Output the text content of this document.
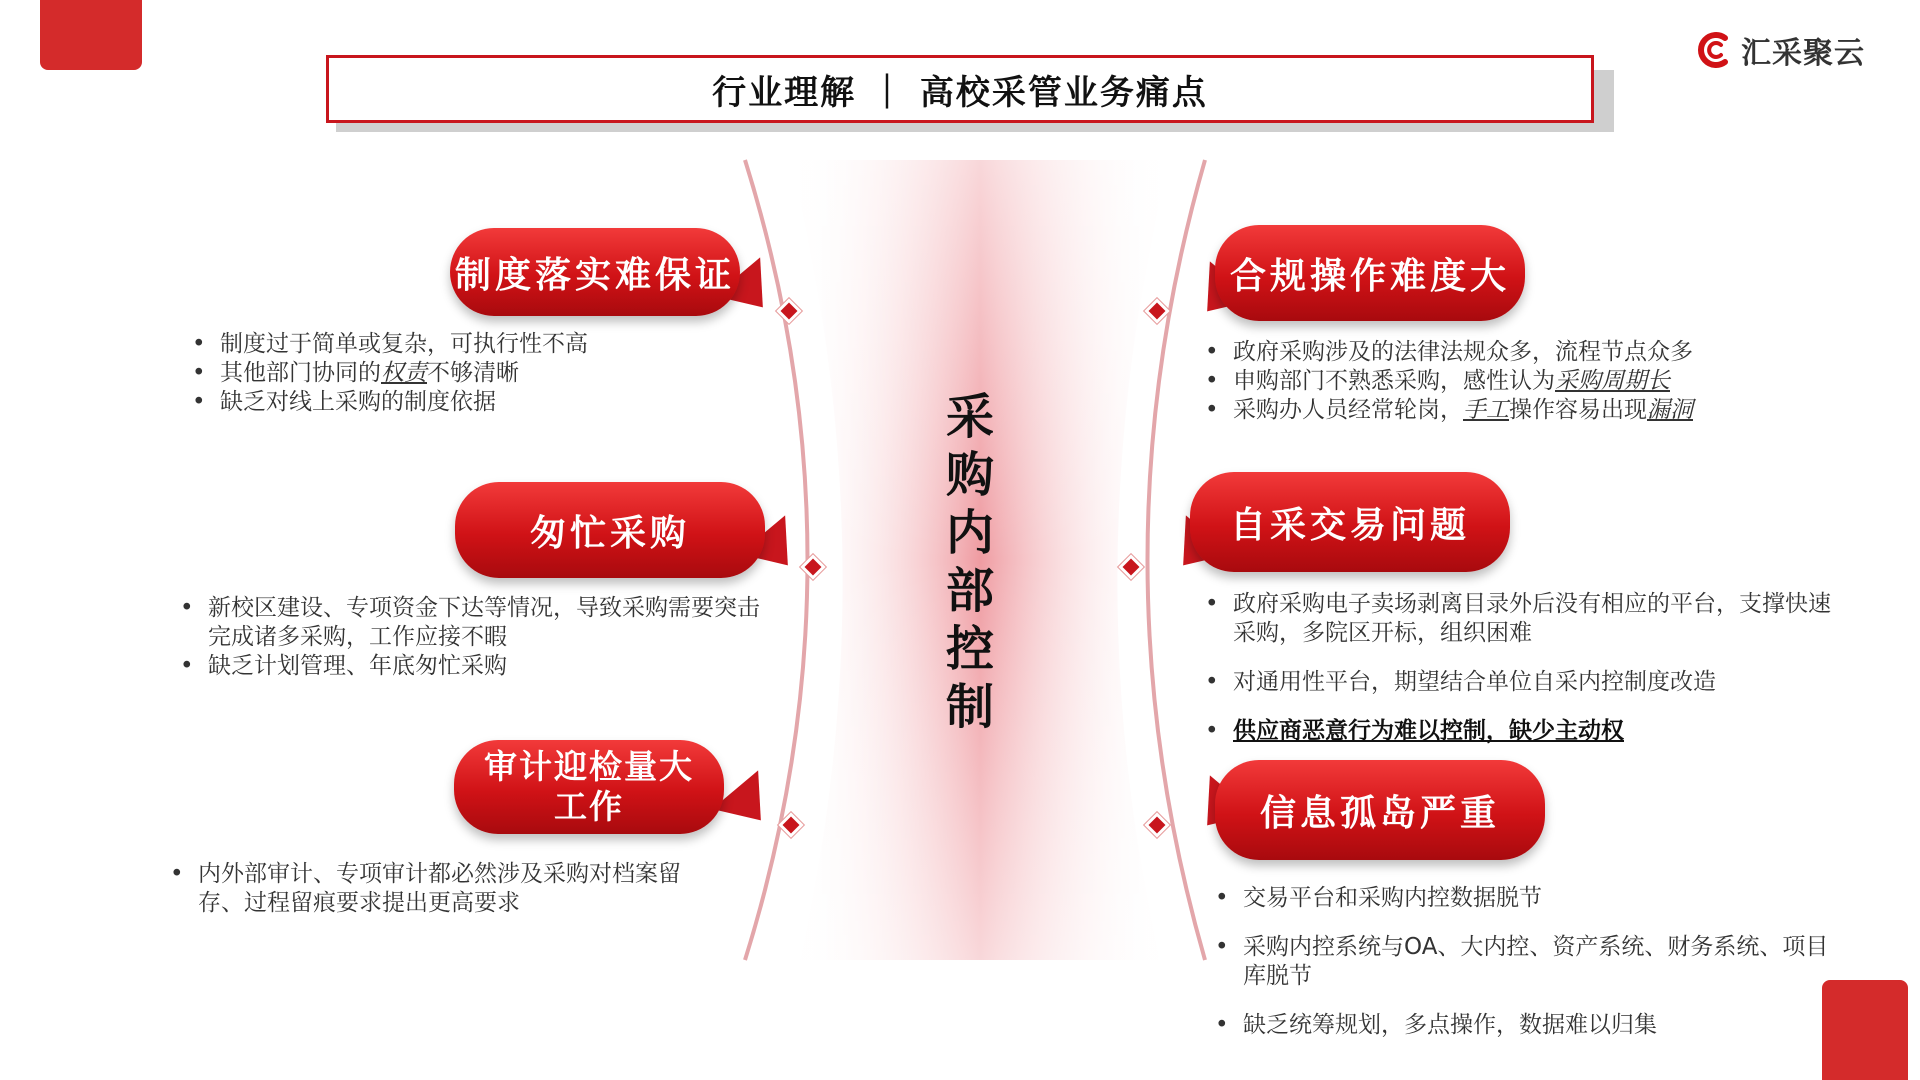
汇采聚云
行业理解 ｜ 高校采管业务痛点
采
购
内
部
控
制
制度落实难保证
• 制度过于简单或复杂，可执行性不高
• 其他部门协同的权责不够清晰
• 缺乏对线上采购的制度依据
匆忙采购
• 新校区建设、专项资金下达等情况，导致采购需要突击完成诸多采购，工作应接不暇
• 缺乏计划管理、年底匆忙采购
审计迎检量大
工作
• 内外部审计、专项审计都必然涉及采购对档案留存、过程留痕要求提出更高要求
合规操作难度大
• 政府采购涉及的法律法规众多，流程节点众多
• 申购部门不熟悉采购，感性认为采购周期长
• 采购办人员经常轮岗，手工操作容易出现漏洞
自采交易问题
• 政府采购电子卖场剥离目录外后没有相应的平台，支撑快速采购，多院区开标，组织困难
• 对通用性平台，期望结合单位自采内控制度改造
• 供应商恶意行为难以控制，缺少主动权
信息孤岛严重
• 交易平台和采购内控数据脱节
• 采购内控系统与OA、大内控、资产系统、财务系统、项目库脱节
• 缺乏统筹规划，多点操作，数据难以归集
